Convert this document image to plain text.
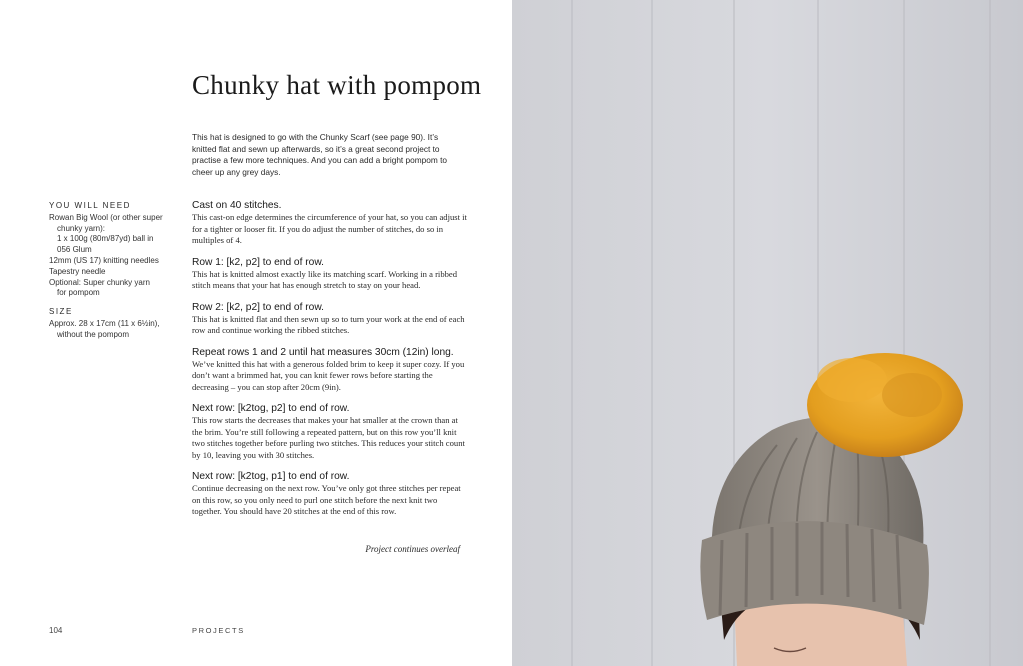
Chunky hat with pompom

This hat is designed to go with the Chunky Scarf (see page 90). It’s knitted flat and sewn up afterwards, so it’s a great second project to practise a few more techniques. And you can add a bright pompom to cheer up any grey days.

YOU WILL NEED
Rowan Big Wool (or other super
chunky yarn):
1 x 100g (80m/87yd) ball in
056 Glum
12mm (US 17) knitting needles
Tapestry needle
Optional: Super chunky yarn
for pompom
SIZE
Approx. 28 x 17cm (11 x 6½in),
without the pompom

Cast on 40 stitches.

This cast-on edge determines the circumference of your hat, so you can adjust it for a tighter or looser fit. If you do adjust the number of stitches, do so in multiples of 4.

Row 1: [k2, p2] to end of row.

This hat is knitted almost exactly like its matching scarf. Working in a ribbed stitch means that your hat has enough stretch to stay on your head.

Row 2: [k2, p2] to end of row.

This hat is knitted flat and then sewn up so to turn your work at the end of each row and continue working the ribbed stitches.

Repeat rows 1 and 2 until hat measures 30cm (12in) long.

We’ve knitted this hat with a generous folded brim to keep it super cozy. If you don’t want a brimmed hat, you can knit fewer rows before starting the decreasing – you can stop after 20cm (9in).

Next row: [k2tog, p2] to end of row.

This row starts the decreases that makes your hat smaller at the crown than at the brim. You’re still following a repeated pattern, but on this row you’ll knit two stitches together before purling two stitches. This reduces your stitch count by 10, leaving you with 30 stitches.

Next row: [k2tog, p1] to end of row.

Continue decreasing on the next row. You’ve only got three stitches per repeat on this row, so you only need to purl one stitch before the next knit two together. You should have 20 stitches at the end of this row.

Project continues overleaf
104	PROJECTS
